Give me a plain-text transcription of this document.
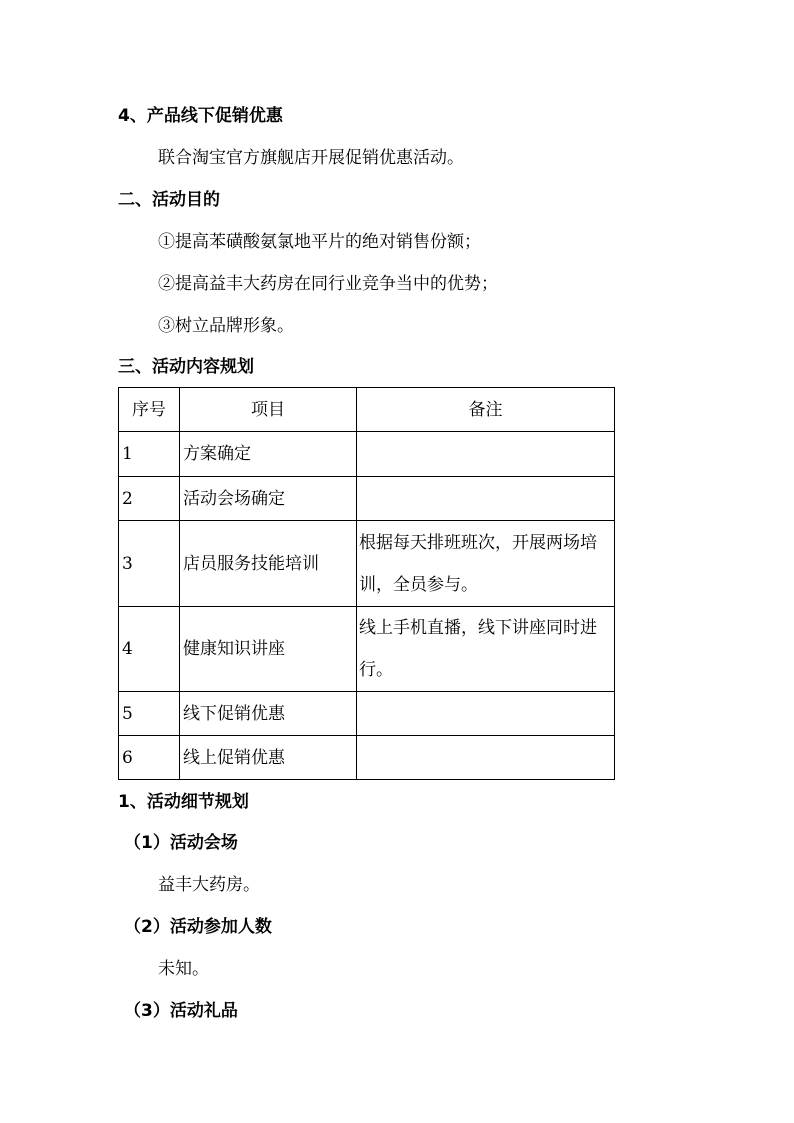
4、产品线下促销优惠
联合淘宝官方旗舰店开展促销优惠活动。
二、活动目的
①提高苯磺酸氨氯地平片的绝对销售份额；
②提高益丰大药房在同行业竞争当中的优势；
③树立品牌形象。
三、活动内容规划
序号	项目	备注
1	方案确定	
2	活动会场确定	
3	店员服务技能培训	根据每天排班班次，开展两场培
训，全员参与。

4	健康知识讲座	线上手机直播，线下讲座同时进
行。

5	线下促销优惠	
6	线上促销优惠	
1、活动细节规划
（1）活动会场
益丰大药房。
（2）活动参加人数
未知。
（3）活动礼品
